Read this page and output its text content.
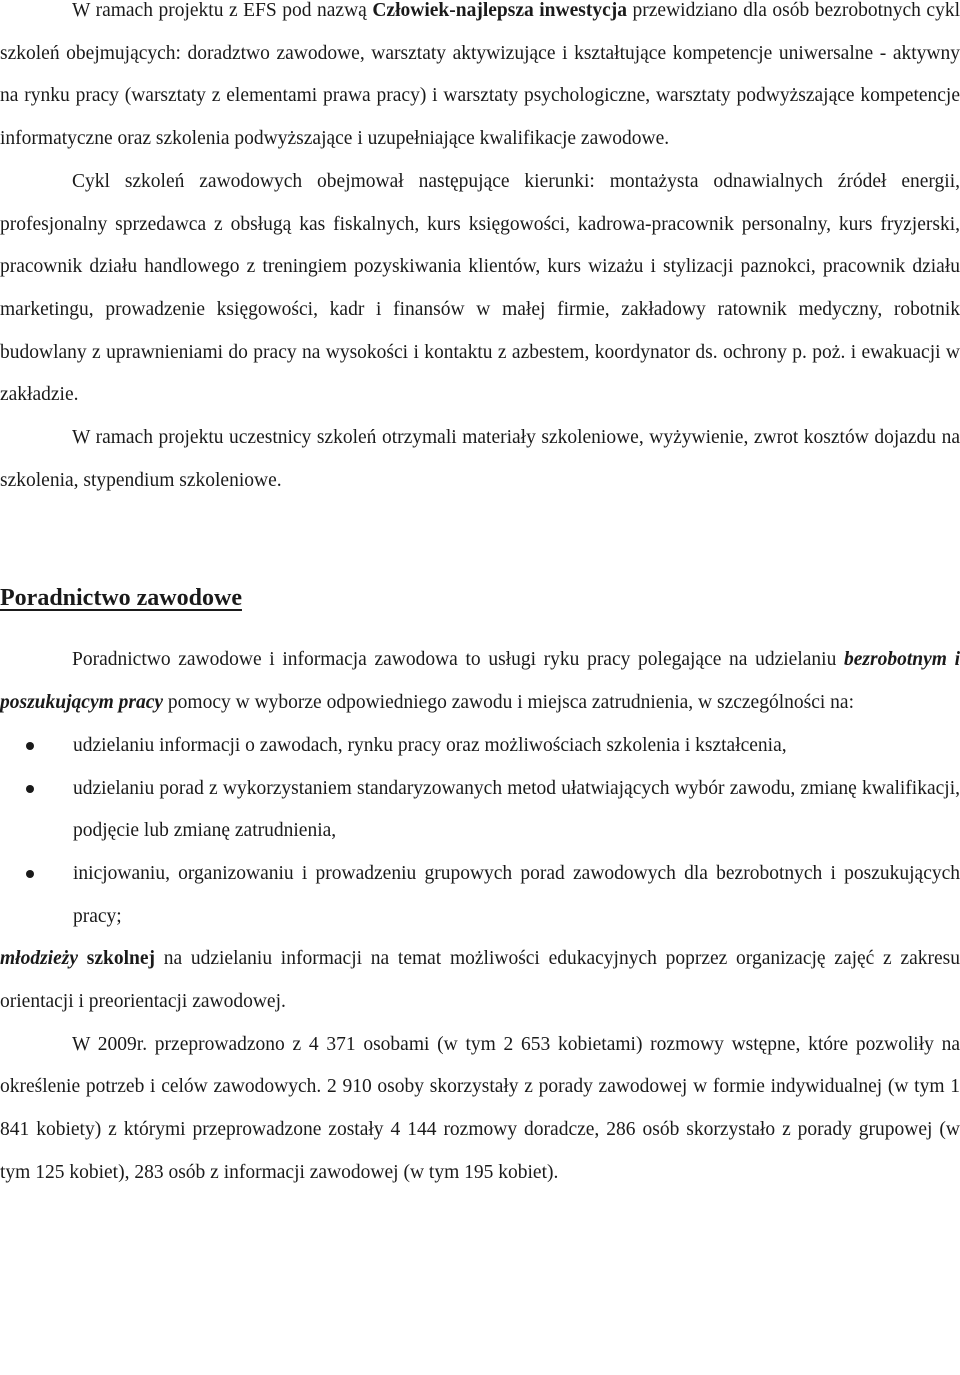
W ramach projektu z EFS pod nazwą Człowiek-najlepsza inwestycja przewidziano dla osób bezrobotnych cykl szkoleń obejmujących: doradztwo zawodowe, warsztaty aktywizujące i kształtujące kompetencje uniwersalne - aktywny na rynku pracy (warsztaty z elementami prawa pracy) i warsztaty psychologiczne, warsztaty podwyższające kompetencje informatyczne oraz szkolenia podwyższające i uzupełniające kwalifikacje zawodowe.

Cykl szkoleń zawodowych obejmował następujące kierunki: montażysta odnawialnych źródeł energii, profesjonalny sprzedawca z obsługą kas fiskalnych, kurs księgowości, kadrowa-pracownik personalny, kurs fryzjerski, pracownik działu handlowego z treningiem pozyskiwania klientów, kurs wizażu i stylizacji paznokci, pracownik działu marketingu, prowadzenie księgowości, kadr i finansów w małej firmie, zakładowy ratownik medyczny, robotnik budowlany z uprawnieniami do pracy na wysokości i kontaktu z azbestem, koordynator ds. ochrony p. poż. i ewakuacji w zakładzie.

W ramach projektu uczestnicy szkoleń otrzymali materiały szkoleniowe, wyżywienie, zwrot kosztów dojazdu na szkolenia, stypendium szkoleniowe.

Poradnictwo zawodowe

Poradnictwo zawodowe i informacja zawodowa to usługi ryku pracy polegające na udzielaniu bezrobotnym i poszukującym pracy pomocy w wyborze odpowiedniego zawodu i miejsca zatrudnienia, w szczególności na:

udzielaniu informacji o zawodach, rynku pracy oraz możliwościach szkolenia i kształcenia,
udzielaniu porad z wykorzystaniem standaryzowanych metod ułatwiających wybór zawodu, zmianę kwalifikacji, podjęcie lub zmianę zatrudnienia,
inicjowaniu, organizowaniu i prowadzeniu grupowych porad zawodowych dla bezrobotnych i poszukujących pracy;

młodzieży szkolnej na udzielaniu informacji na temat możliwości edukacyjnych poprzez organizację zajęć z zakresu orientacji i preorientacji zawodowej.

W 2009r. przeprowadzono z 4 371 osobami (w tym 2 653 kobietami) rozmowy wstępne, które pozwoliły na określenie potrzeb i celów zawodowych. 2 910 osoby skorzystały z porady zawodowej w formie indywidualnej (w tym 1 841 kobiety) z którymi przeprowadzone zostały 4 144 rozmowy doradcze, 286 osób skorzystało z porady grupowej (w tym 125 kobiet), 283 osób z informacji zawodowej (w tym 195 kobiet).
